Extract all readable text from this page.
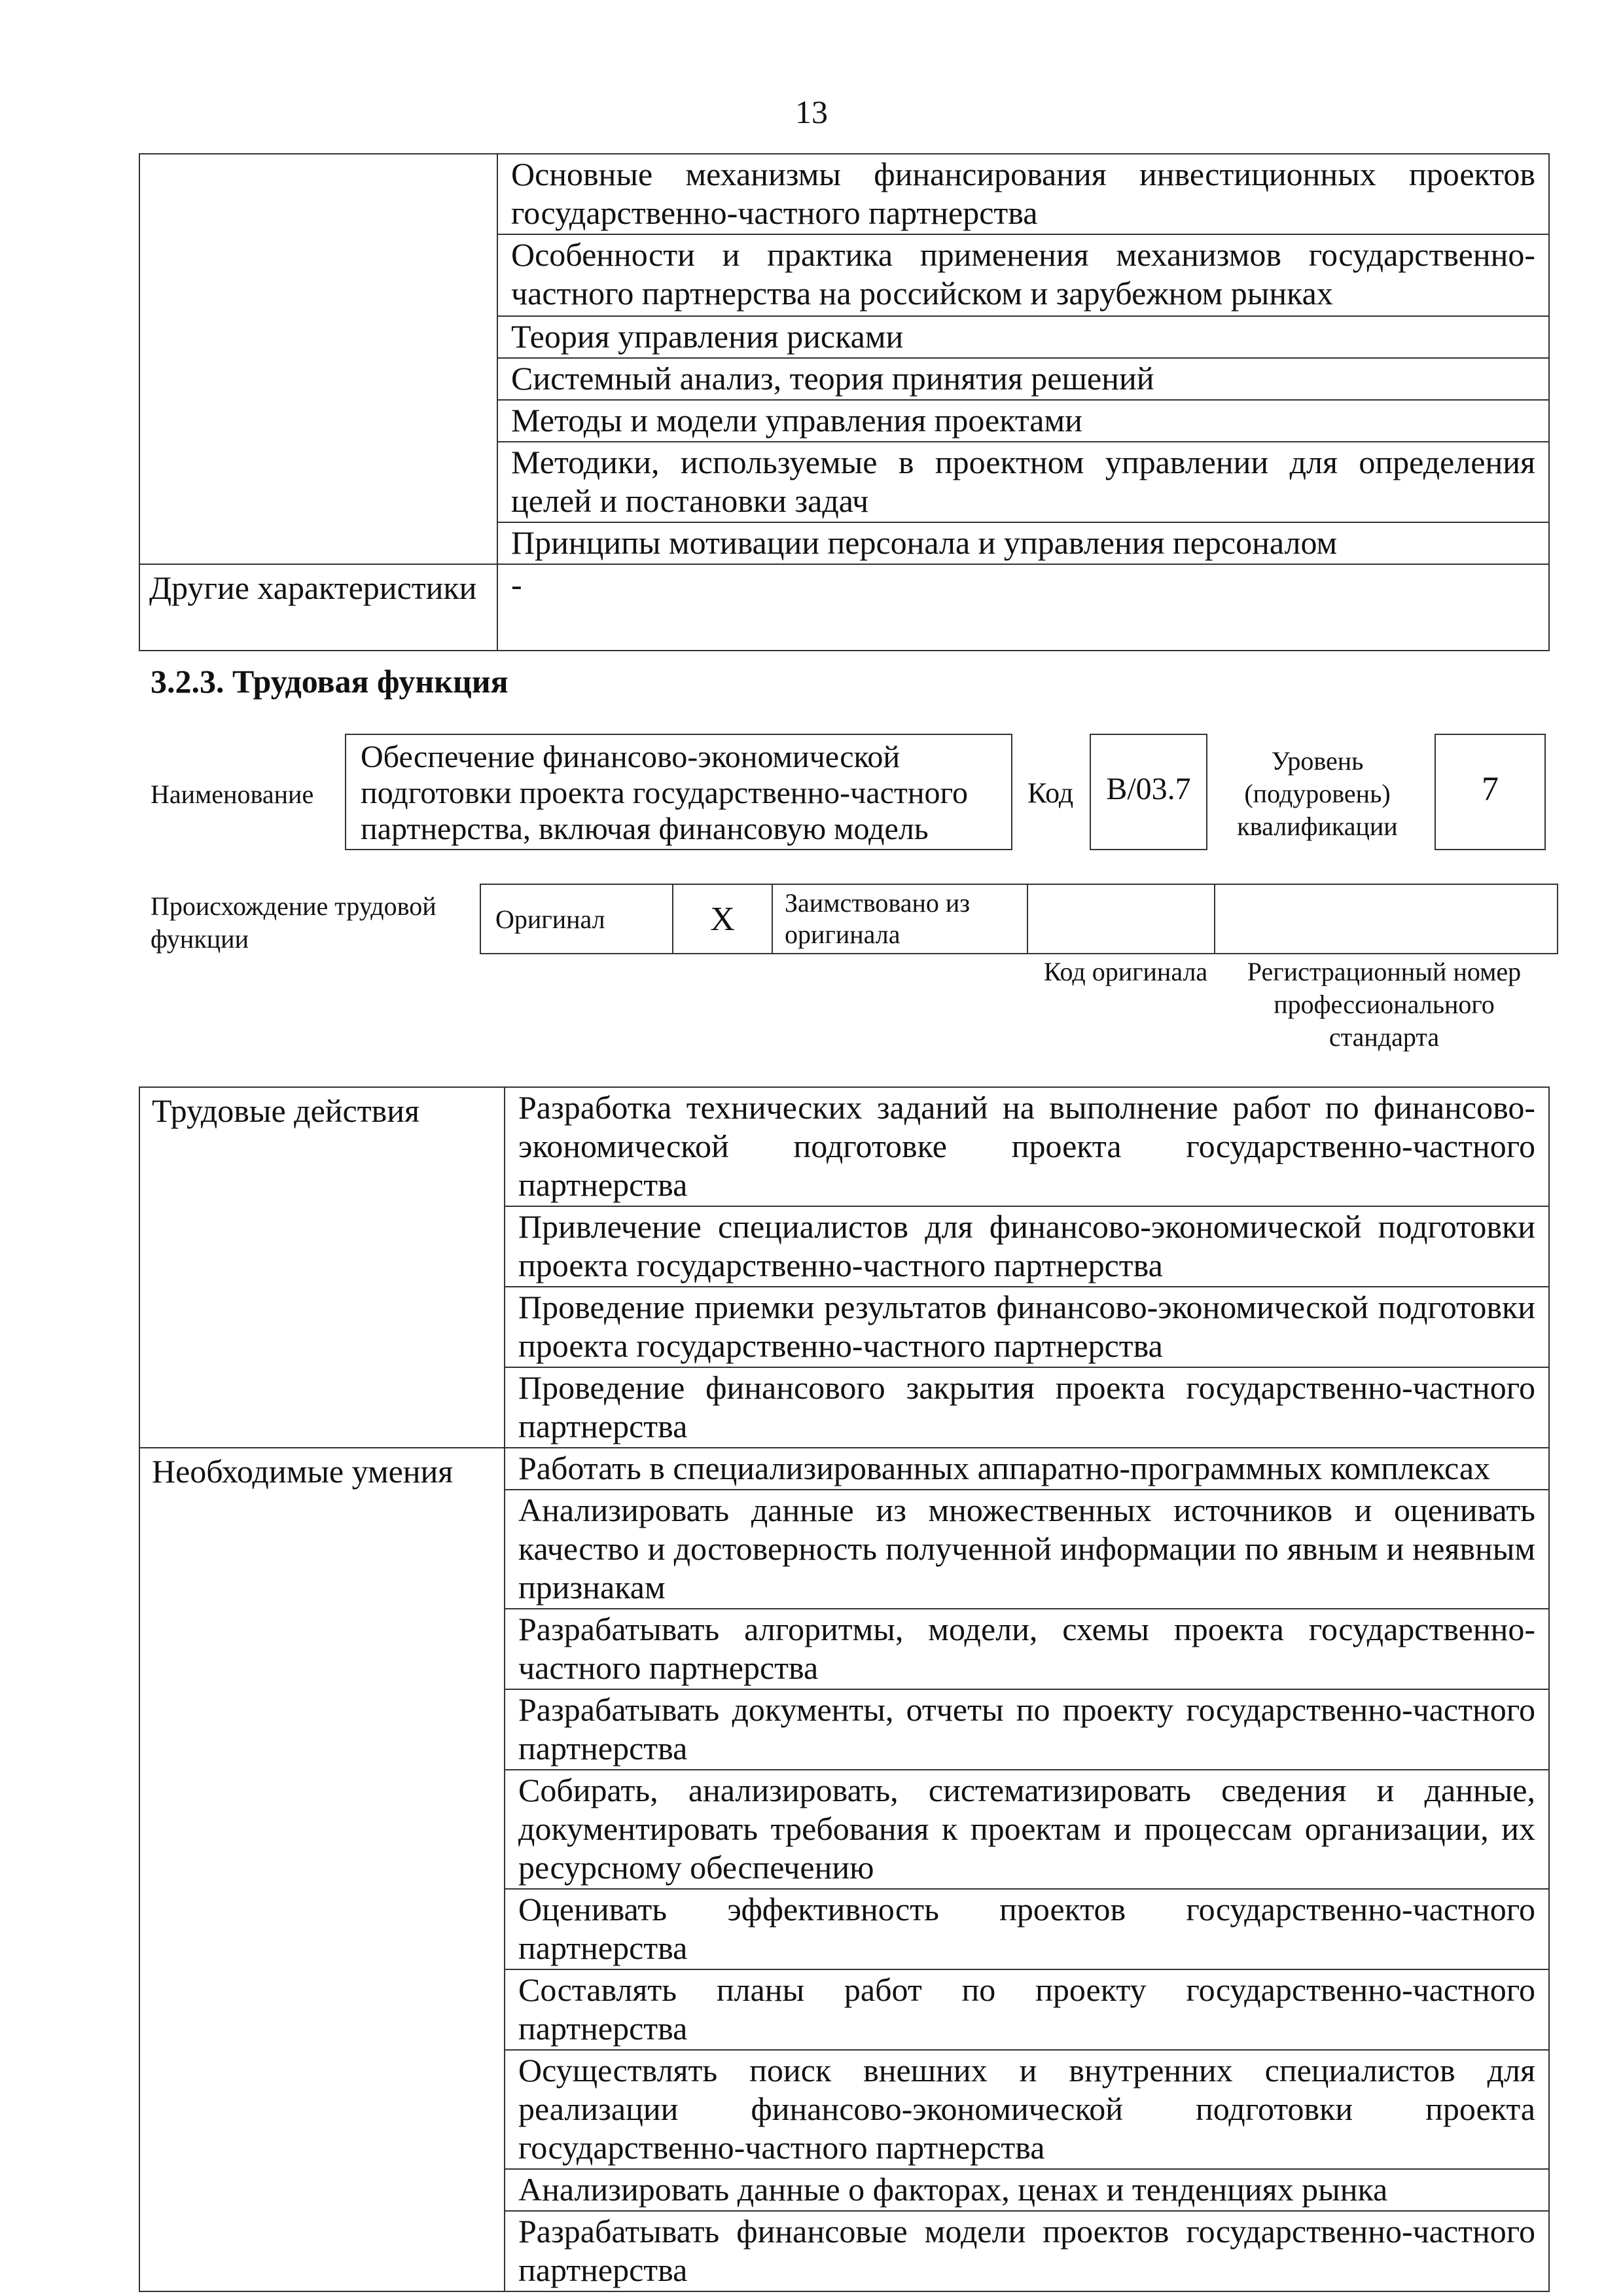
13
	Основные механизмы финансирования инвестиционных проектов государственно-частного партнерства
	Особенности и практика применения механизмов государственно-частного партнерства на российском и зарубежном рынках
	Теория управления рисками
	Системный анализ, теория принятия решений
	Методы и модели управления проектами
	Методики, используемые в проектном управлении для определения целей и постановки задач
	Принципы мотивации персонала и управления персоналом
Другие характеристики	-
3.2.3. Трудовая функция
Наименование
Обеспечение финансово-экономической подготовки проекта государственно-частного партнерства, включая финансовую модель
Код	B/03.7
Уровень
(подуровень)
квалификации
7
Происхождение трудовой функции
Оригинал	X	Заимствовано из оригинала		
Код оригинала	Регистрационный номер профессионального стандарта
Трудовые действия	Разработка технических заданий на выполнение работ по финансово-экономической подготовке проекта государственно-частного партнерства
	Привлечение специалистов для финансово-экономической подготовки проекта государственно-частного партнерства
	Проведение приемки результатов финансово-экономической подготовки проекта государственно-частного партнерства
	Проведение финансового закрытия проекта государственно-частного партнерства
Необходимые умения	Работать в специализированных аппаратно-программных комплексах
	Анализировать данные из множественных источников и оценивать качество и достоверность полученной информации по явным и неявным признакам
	Разрабатывать алгоритмы, модели, схемы проекта государственно-частного партнерства
	Разрабатывать документы, отчеты по проекту государственно-частного партнерства
	Собирать, анализировать, систематизировать сведения и данные, документировать требования к проектам и процессам организации, их ресурсному обеспечению
	Оценивать эффективность проектов государственно-частного партнерства
	Составлять планы работ по проекту государственно-частного партнерства
	Осуществлять поиск внешних и внутренних специалистов для реализации финансово-экономической подготовки проекта государственно-частного партнерства
	Анализировать данные о факторах, ценах и тенденциях рынка
	Разрабатывать финансовые модели проектов государственно-частного партнерства
